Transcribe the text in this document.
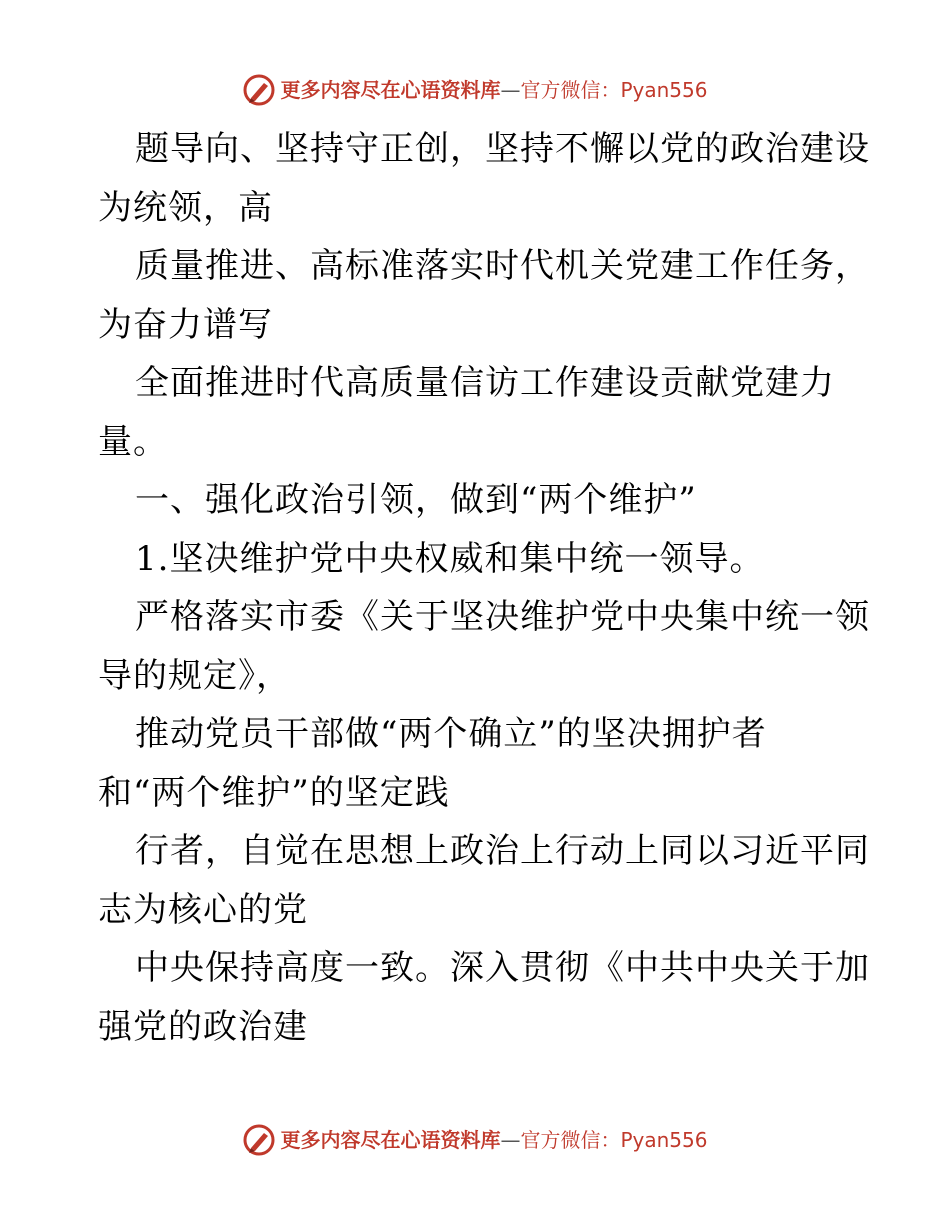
更多内容尽在心语资料库—官方微信：Pyan556
题导向、坚持守正创，坚持不懈以党的政治建设
为统领，高
质量推进、高标准落实时代机关党建工作任务，
为奋力谱写
全面推进时代高质量信访工作建设贡献党建力
量。
一、强化政治引领，做到“两个维护”
1.坚决维护党中央权威和集中统一领导。
严格落实市委《关于坚决维护党中央集中统一领
导的规定》，
推动党员干部做“两个确立”的坚决拥护者
和“两个维护”的坚定践
行者，自觉在思想上政治上行动上同以习近平同
志为核心的党
中央保持高度一致。深入贯彻《中共中央关于加
强党的政治建
更多内容尽在心语资料库—官方微信：Pyan556
